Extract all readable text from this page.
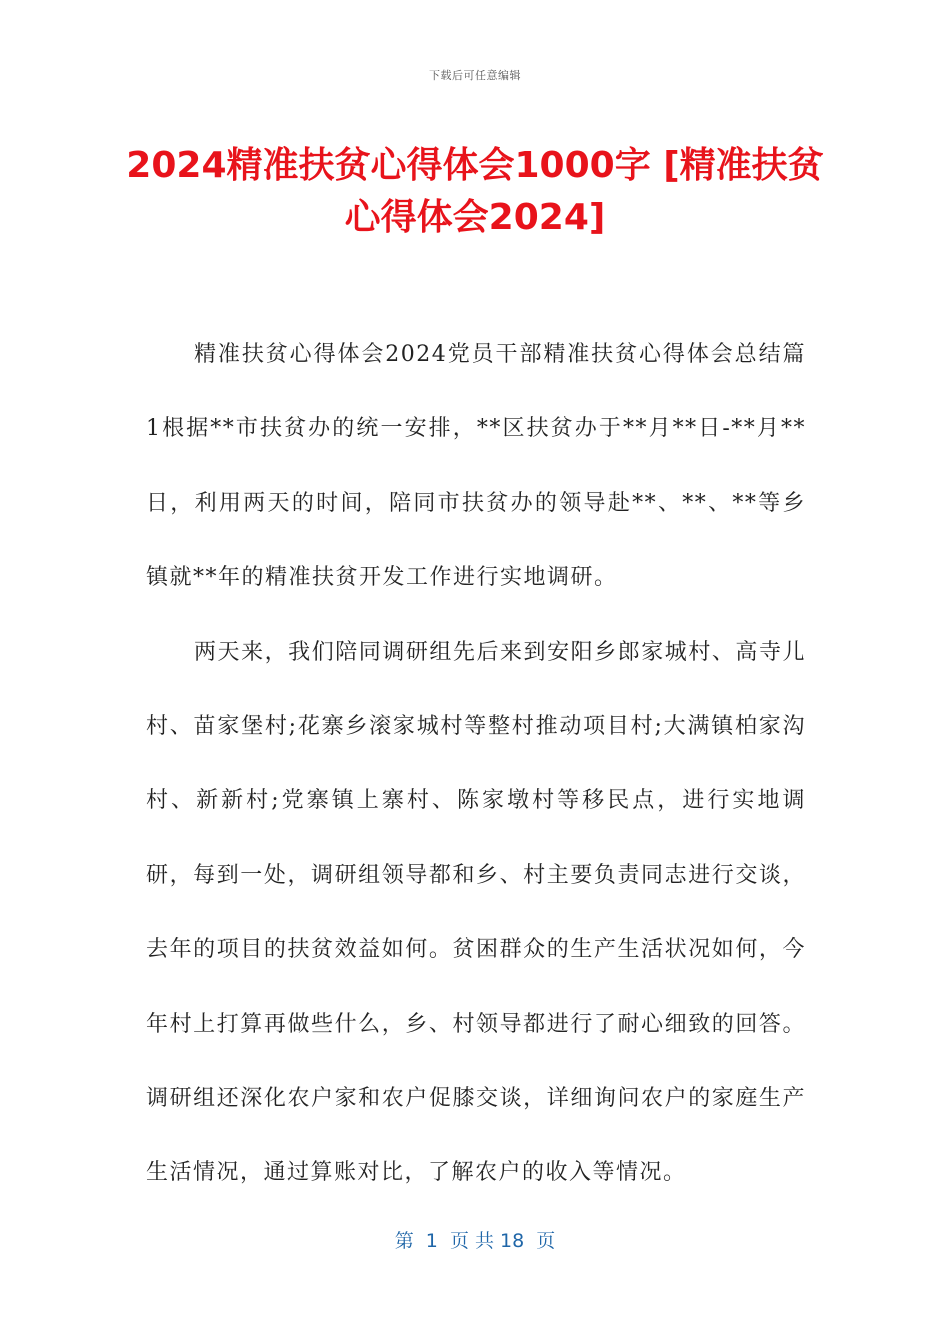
下载后可任意编辑
2024精准扶贫心得体会1000字 [精准扶贫心得体会2024]

精准扶贫心得体会2024党员干部精准扶贫心得体会总结篇1根据**市扶贫办的统一安排，**区扶贫办于**月**日-**月**日，利用两天的时间，陪同市扶贫办的领导赴**、**、**等乡镇就**年的精准扶贫开发工作进行实地调研。

两天来，我们陪同调研组先后来到安阳乡郎家城村、高寺儿村、苗家堡村;花寨乡滚家城村等整村推动项目村;大满镇柏家沟村、新新村;党寨镇上寨村、陈家墩村等移民点，进行实地调研，每到一处，调研组领导都和乡、村主要负责同志进行交谈，去年的项目的扶贫效益如何。贫困群众的生产生活状况如何，今年村上打算再做些什么，乡、村领导都进行了耐心细致的回答。调研组还深化农户家和农户促膝交谈，详细询问农户的家庭生产生活情况，通过算账对比，了解农户的收入等情况。

第  1  页 共 18  页
